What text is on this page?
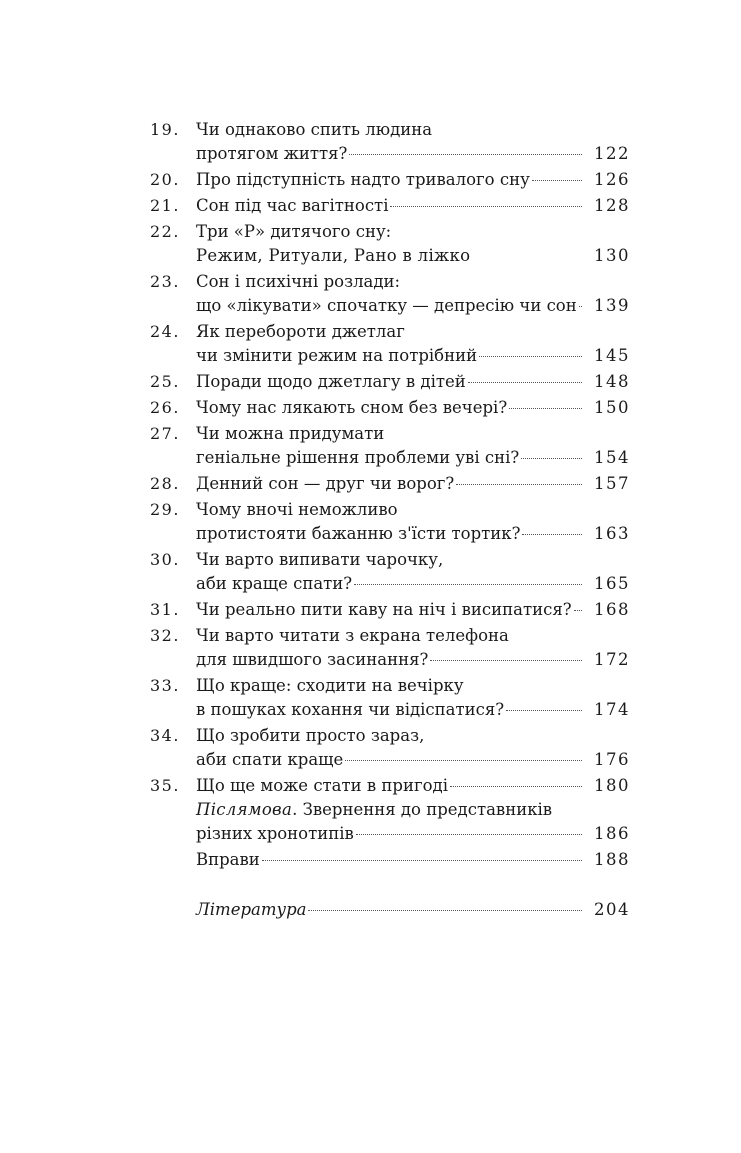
19. Чи однаково спить людина
протягом життя?	122
20. Про підступність надто тривалого сну	126
21. Сон під час вагітності	128
22. Три «Р» дитячого сну:
Режим, Ритуали, Рано в ліжко	130
23. Сон і психічні розлади:
що «лікувати» спочатку — депресію чи сон 139
24. Як перебороти джетлаг
чи змінити режим на потрібний	145
25. Поради щодо джетлагу в дітей	148
26. Чому нас лякають сном без вечері?	150
27. Чи можна придумати
геніальне рішення проблеми уві сні?	154
28. Денний сон — друг чи ворог?	157
29. Чому вночі неможливо
протистояти бажанню з'їсти тортик?	163
30. Чи варто випивати чарочку,
аби краще спати?	165
31. Чи реально пити каву на ніч і висипатися? 168
32. Чи варто читати з екрана телефона
для швидшого засинання?	172
33. Що краще: сходити на вечірку
в пошуках кохання чи відіспатися?	174
34. Що зробити просто зараз,
аби спати краще	176
35. Що ще може стати в пригоді	180
Післямова. Звернення до представників
різних хронотипів	186
Вправи	188
Література	204
